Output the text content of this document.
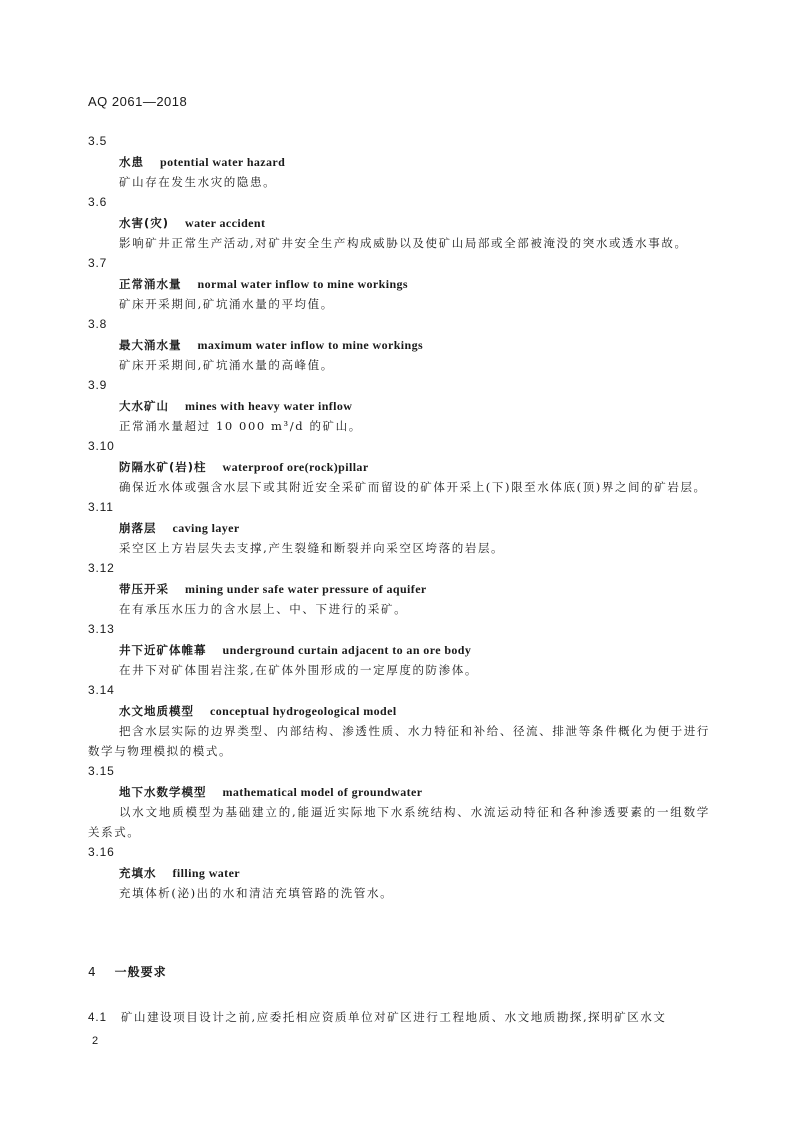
AQ 2061—2018
3.5
水患 potential water hazard
矿山存在发生水灾的隐患。
3.6
水害(灾) water accident
影响矿井正常生产活动,对矿井安全生产构成威胁以及使矿山局部或全部被淹没的突水或透水事故。
3.7
正常涌水量 normal water inflow to mine workings
矿床开采期间,矿坑涌水量的平均值。
3.8
最大涌水量 maximum water inflow to mine workings
矿床开采期间,矿坑涌水量的高峰值。
3.9
大水矿山 mines with heavy water inflow
正常涌水量超过 10 000 m³/d 的矿山。
3.10
防隔水矿(岩)柱 waterproof ore(rock)pillar
确保近水体或强含水层下或其附近安全采矿而留设的矿体开采上(下)限至水体底(顶)界之间的矿岩层。
3.11
崩落层 caving layer
采空区上方岩层失去支撑,产生裂缝和断裂并向采空区垮落的岩层。
3.12
带压开采 mining under safe water pressure of aquifer
在有承压水压力的含水层上、中、下进行的采矿。
3.13
井下近矿体帷幕 underground curtain adjacent to an ore body
在井下对矿体围岩注浆,在矿体外围形成的一定厚度的防渗体。
3.14
水文地质模型 conceptual hydrogeological model
把含水层实际的边界类型、内部结构、渗透性质、水力特征和补给、径流、排泄等条件概化为便于进行数学与物理模拟的模式。
3.15
地下水数学模型 mathematical model of groundwater
以水文地质模型为基础建立的,能逼近实际地下水系统结构、水流运动特征和各种渗透要素的一组数学关系式。
3.16
充填水 filling water
充填体析(泌)出的水和清洁充填管路的洗管水。
4 一般要求
4.1 矿山建设项目设计之前,应委托相应资质单位对矿区进行工程地质、水文地质勘探,探明矿区水文
2
